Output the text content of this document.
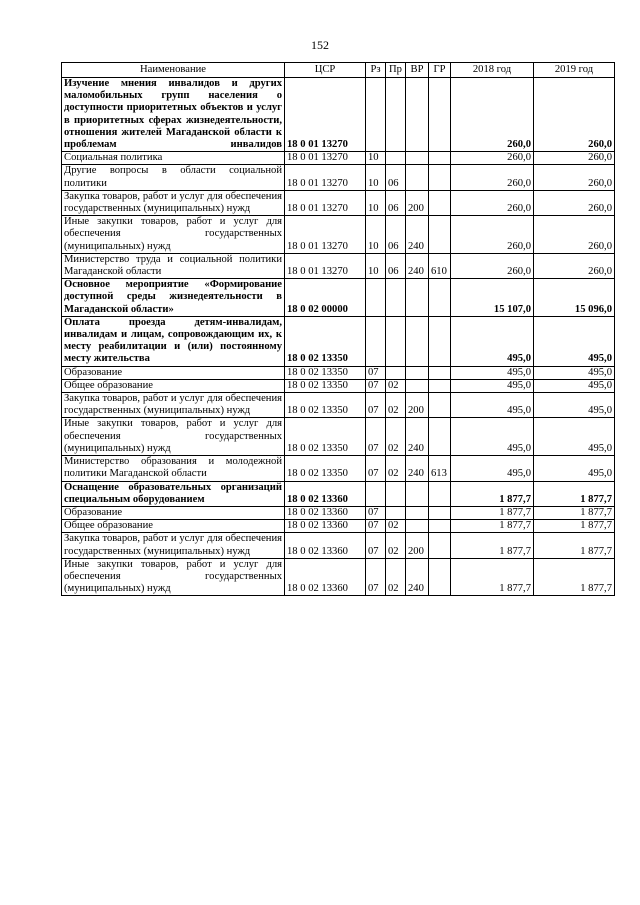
152
Наименование	ЦСР	Рз	Пр	ВР	ГР	2018 год	2019 год
Изучение мнения инвалидов и других маломобильных групп населения о доступности приоритетных объектов и услуг в приоритетных сферах жизнедеятельности, отношения жителей Магаданской области к проблемам инвалидов	18 0 01 13270					260,0	260,0
Социальная политика	18 0 01 13270	10				260,0	260,0
Другие вопросы в области социальной политики	18 0 01 13270	10	06			260,0	260,0
Закупка товаров, работ и услуг для обеспечения государственных (муниципальных) нужд	18 0 01 13270	10	06	200		260,0	260,0
Иные закупки товаров, работ и услуг для обеспечения государственных (муниципальных) нужд	18 0 01 13270	10	06	240		260,0	260,0
Министерство труда и социальной политики Магаданской области	18 0 01 13270	10	06	240	610	260,0	260,0
Основное мероприятие «Формирование доступной среды жизнедеятельности в Магаданской области»	18 0 02 00000					15 107,0	15 096,0
Оплата проезда детям-инвалидам, инвалидам и лицам, сопровождающим их, к месту реабилитации и (или) постоянному месту жительства	18 0 02 13350					495,0	495,0
Образование	18 0 02 13350	07				495,0	495,0
Общее образование	18 0 02 13350	07	02			495,0	495,0
Закупка товаров, работ и услуг для обеспечения государственных (муниципальных) нужд	18 0 02 13350	07	02	200		495,0	495,0
Иные закупки товаров, работ и услуг для обеспечения государственных (муниципальных) нужд	18 0 02 13350	07	02	240		495,0	495,0
Министерство образования и молодежной политики Магаданской области	18 0 02 13350	07	02	240	613	495,0	495,0
Оснащение образовательных организаций специальным оборудованием	18 0 02 13360					1 877,7	1 877,7
Образование	18 0 02 13360	07				1 877,7	1 877,7
Общее образование	18 0 02 13360	07	02			1 877,7	1 877,7
Закупка товаров, работ и услуг для обеспечения государственных (муниципальных) нужд	18 0 02 13360	07	02	200		1 877,7	1 877,7
Иные закупки товаров, работ и услуг для обеспечения государственных (муниципальных) нужд	18 0 02 13360	07	02	240		1 877,7	1 877,7
